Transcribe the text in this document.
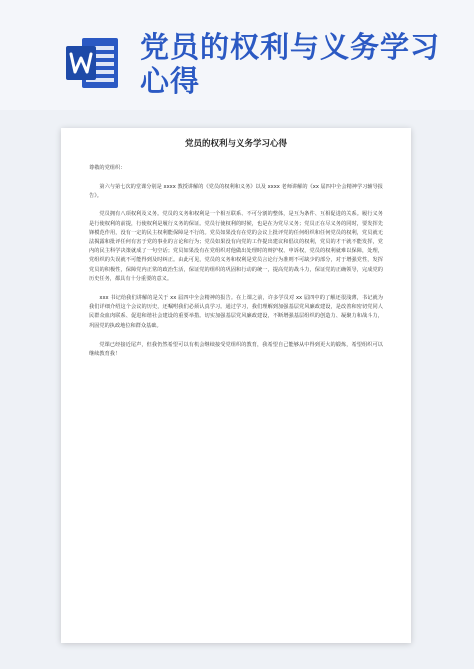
党员的权利与义务学习心得
党员的权利与义务学习心得
尊敬的党组织：
第六与第七次的堂课分别是 xxxx 教授讲解的《党员的权利和义务》以及 xxxx 老师讲解的《xx 届四中全会精神学习辅导报告》。
党员拥有八项权利及义务。党员的义务和权利是一个相互联系、不可分割的整体，是互为条件、互相促进的关系。履行义务是行使权利的前提，行使权利是履行义务的保证。党员行使权利的时候，也是在为党尽义务；党员正在尽义务的同时，要发挥先锋模范作用，没有一定的民主权利能保障是不行的。党员如果没有在党的会议上批评党的任何组织和任何党员的权利，党员就无法揭露和批评任何有害于党的事业的言论和行为；党员如果没有向党的工作提出建议和倡议的权利，党员的才干就不能发挥，党内的民主科学决策就成了一句空话；党员如果没有在党组织对他做出处理时的辩护权、申诉权，党员的权利就难以保障，处理，党组织的失误就不可能得到及时纠正。由此可见，党员的义务和权利是党员言论行为准则不可缺少的部分，对于增强党性，发挥党员的积极性，保障党内正常的政治生活，保证党的组织的巩固和行动的统一，提高党的战斗力，保证党的正确领导，完成党的历史任务，都具有十分重要的意义。
xxx 书记给我们讲解的是关于 xx 届四中全会精神的报告。在上课之前，许多学员对 xx 届四中的了解还很浅薄，书记就为我们详细介绍这个会议的历史，还嘱咐我们必须认真学习。通过学习，我们理解到加强基层党风廉政建设，是改善和密切党同人民群众血肉联系、促进和谐社会建设的重要举措。切实加强基层党风廉政建设，不断增强基层组织的创造力、凝聚力和战斗力，巩固党的执政地位和群众基础。
党课已经接近尾声，但我仍然希望可以有机会继续接受党组织的教育，我希望自己能够从中得到更大的锻炼，希望组织可以继续教育我！
